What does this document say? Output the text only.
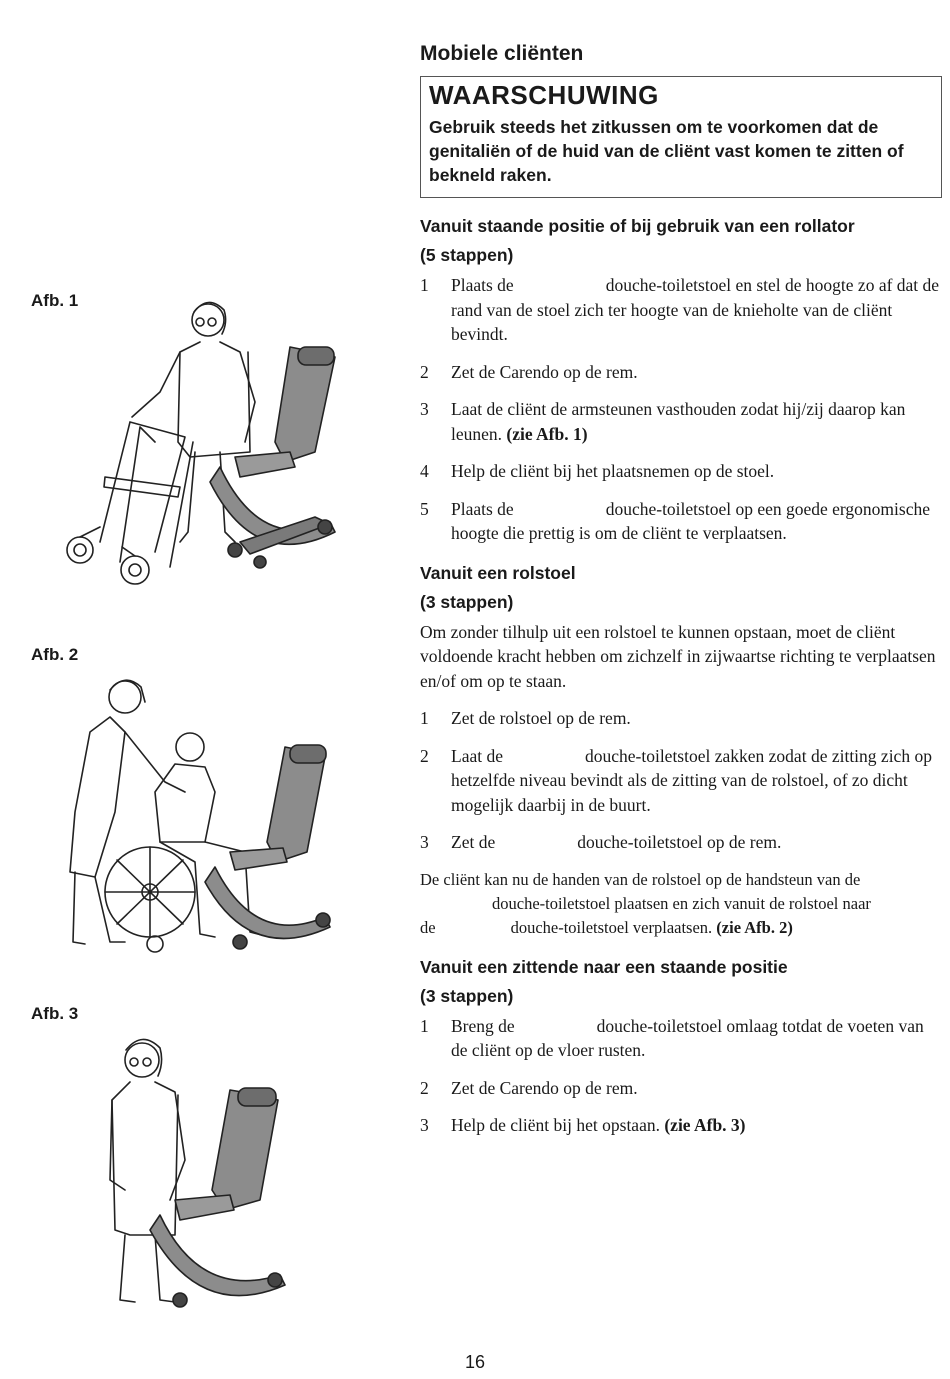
Afb. 1
Afb. 2
Afb. 3
Mobiele cliënten
WAARSCHUWING

Gebruik steeds het zitkussen om te voorkomen dat de genitaliën of de huid van de cliënt vast komen te zitten of bekneld raken.

Vanuit staande positie of bij gebruik van een rollator
(5 stappen)
1 Plaats de	douche-toiletstoel en stel de hoogte zo af dat de rand van de stoel zich ter hoogte van de knieholte van de cliënt bevindt.
2 Zet de Carendo op de rem.
3 Laat de cliënt de armsteunen vasthouden zodat hij/zij daarop kan leunen. (zie Afb. 1)
4 Help de cliënt bij het plaatsnemen op de stoel.
5 Plaats de	douche-toiletstoel op een goede ergonomische hoogte die prettig is om de cliënt te verplaatsen.
Vanuit een rolstoel
(3 stappen)

Om zonder tilhulp uit een rolstoel te kunnen opstaan, moet de cliënt voldoende kracht hebben om zichzelf in zijwaartse richting te verplaatsen en/of om op te staan.

1 Zet de rolstoel op de rem.
2 Laat de	douche-toiletstoel zakken zodat de zitting zich op hetzelfde niveau bevindt als de zitting van de rolstoel, of zo dicht mogelijk daarbij in de buurt.
3 Zet de	douche-toiletstoel op de rem.

De cliënt kan nu de handen van de rolstoel op de handsteun van de
douche-toiletstoel plaatsen en zich vanuit de rolstoel naar
de	douche-toiletstoel verplaatsen. (zie Afb. 2)

Vanuit een zittende naar een staande positie
(3 stappen)
1 Breng de	douche-toiletstoel omlaag totdat de voeten van de cliënt op de vloer rusten.
2 Zet de Carendo op de rem.
3 Help de cliënt bij het opstaan. (zie Afb. 3)
16
